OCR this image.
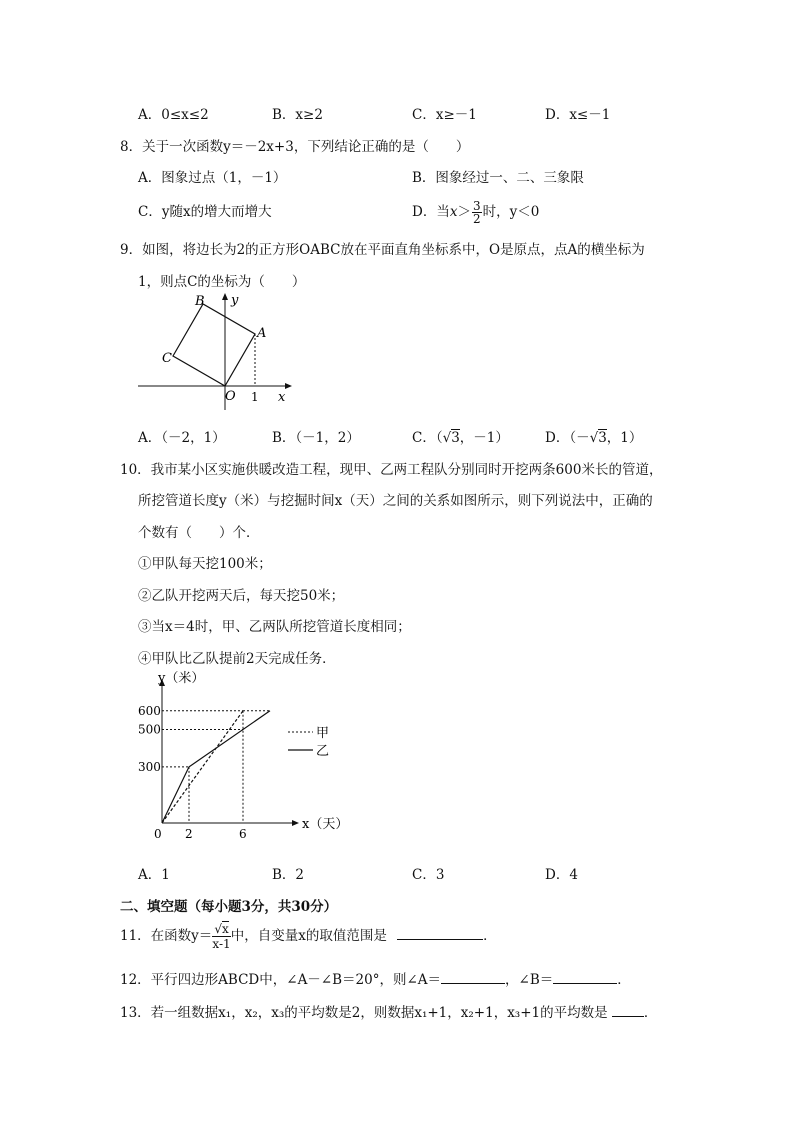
A．0≤x≤2	B．x≥2	C．x≥－1	D．x≤－1
8．关于一次函数y＝－2x+3，下列结论正确的是（　　）
A．图象过点（1，－1）	B．图象经过一、二、三象限
C．y随x的增大而增大	D．当$x> \frac{3}{2}$ 时，y＜0
9．如图，将边长为2的正方形OABC放在平面直角坐标系中，O是原点，点A的横坐标为
1，则点C的坐标为（　　）
B y
A
C
O 1 x
A．（－2，1）	B．（－1，2）	C．（√3，－1）	D．（－√3，1）
10．我市某小区实施供暖改造工程，现甲、乙两工程队分别同时开挖两条600米长的管道，
所挖管道长度y（米）与挖掘时间x（天）之间的关系如图所示，则下列说法中，正确的
个数有（　　）个．
①甲队每天挖100米；
②乙队开挖两天后，每天挖50米；
③当x＝4时，甲、乙两队所挖管道长度相同；
④甲队比乙队提前2天完成任务．
x（天）
y（米）
0 2	6
300
500
600
甲
乙
A．1	B．2	C．3	D．4
二、填空题（每小题3分，共30分）
11．在函数$y= \frac{√x}{x-1}$ 中，自变量x的取值范围是	．
12．平行四边形ABCD中，∠A－∠B＝20°，则∠A＝	，∠B＝	．
13．若一组数据x₁，x₂，x₃的平均数是2，则数据x₁+1，x₂+1，x₃+1的平均数是	．
